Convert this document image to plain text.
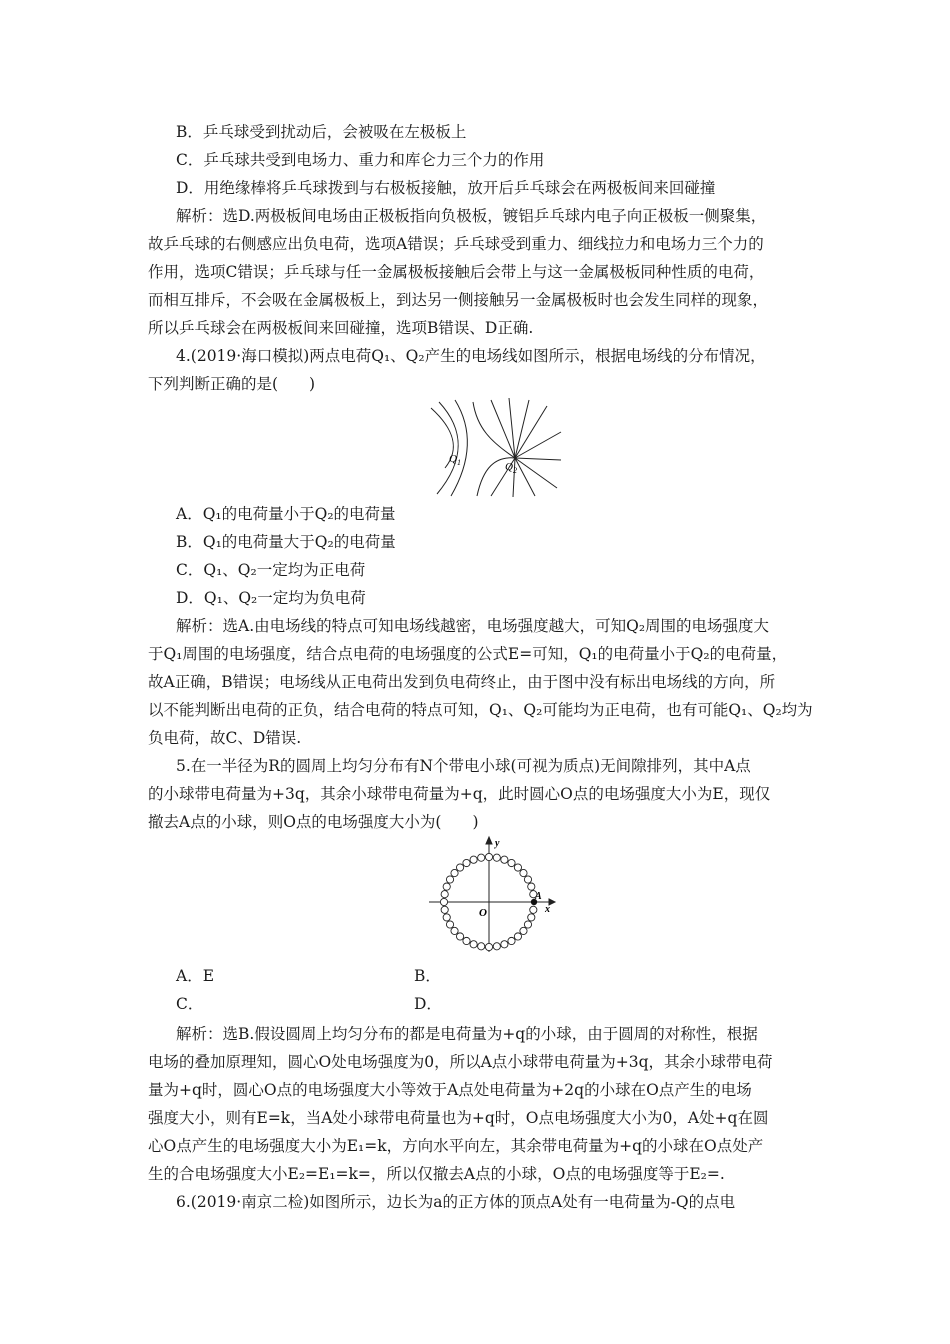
B．乒乓球受到扰动后，会被吸在左极板上
C．乒乓球共受到电场力、重力和库仑力三个力的作用
D．用绝缘棒将乒乓球拨到与右极板接触，放开后乒乓球会在两极板间来回碰撞
解析：选D.两极板间电场由正极板指向负极板，镀铝乒乓球内电子向正极板一侧聚集，
故乒乓球的右侧感应出负电荷，选项A错误；乒乓球受到重力、细线拉力和电场力三个力的
作用，选项C错误；乒乓球与任一金属极板接触后会带上与这一金属极板同种性质的电荷，
而相互排斥，不会吸在金属极板上，到达另一侧接触另一金属极板时也会发生同样的现象，
所以乒乓球会在两极板间来回碰撞，选项B错误、D正确.
4.(2019·海口模拟)两点电荷Q₁、Q₂产生的电场线如图所示，根据电场线的分布情况，
下列判断正确的是(　　)
$Q_1$	$Q_2$
A．Q₁的电荷量小于Q₂的电荷量
B．Q₁的电荷量大于Q₂的电荷量
C．Q₁、Q₂一定均为正电荷
D．Q₁、Q₂一定均为负电荷
解析：选A.由电场线的特点可知电场线越密，电场强度越大，可知Q₂周围的电场强度大
于Q₁周围的电场强度，结合点电荷的电场强度的公式E=可知，Q₁的电荷量小于Q₂的电荷量，
故A正确，B错误；电场线从正电荷出发到负电荷终止，由于图中没有标出电场线的方向，所
以不能判断出电荷的正负，结合电荷的特点可知，Q₁、Q₂可能均为正电荷，也有可能Q₁、Q₂均为
负电荷，故C、D错误.
5.在一半径为R的圆周上均匀分布有N个带电小球(可视为质点)无间隙排列，其中A点
的小球带电荷量为+3q，其余小球带电荷量为+q，此时圆心O点的电场强度大小为E，现仅
撤去A点的小球，则O点的电场强度大小为(　　)
y
x
O
A
A．E	B．
C．	D．
解析：选B.假设圆周上均匀分布的都是电荷量为+q的小球，由于圆周的对称性，根据
电场的叠加原理知，圆心O处电场强度为0，所以A点小球带电荷量为+3q，其余小球带电荷
量为+q时，圆心O点的电场强度大小等效于A点处电荷量为+2q的小球在O点产生的电场
强度大小，则有E=k，当A处小球带电荷量也为+q时，O点电场强度大小为0，A处+q在圆
心O点产生的电场强度大小为E₁=k，方向水平向左，其余带电荷量为+q的小球在O点处产
生的合电场强度大小E₂=E₁=k=，所以仅撤去A点的小球，O点的电场强度等于E₂=.
6.(2019·南京二检)如图所示，边长为a的正方体的顶点A处有一电荷量为-Q的点电
